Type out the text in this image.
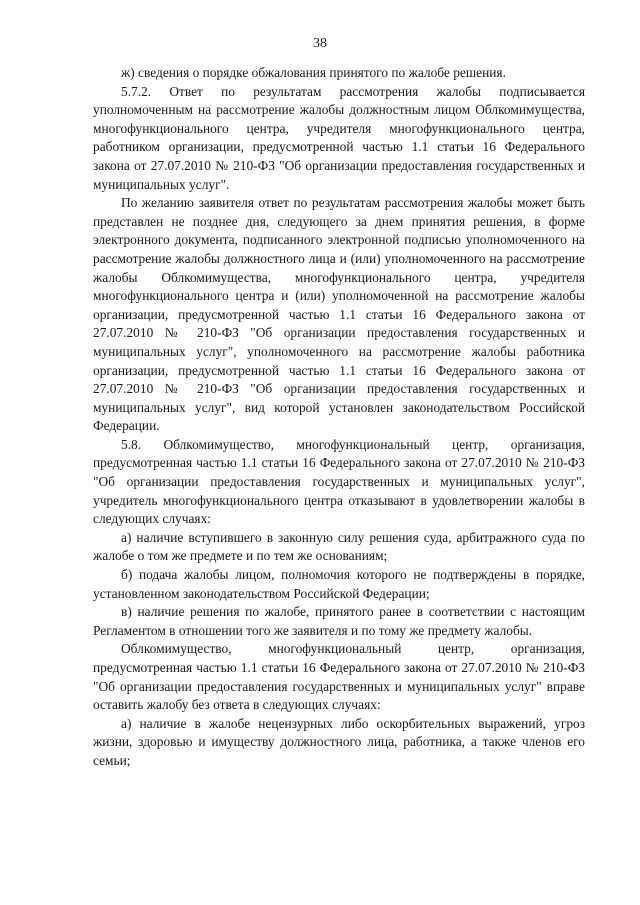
38

ж) сведения о порядке обжалования принятого по жалобе решения.

5.7.2. Ответ по результатам рассмотрения жалобы подписывается уполномоченным на рассмотрение жалобы должностным лицом Облкомимущества, многофункционального центра, учредителя многофункционального центра, работником организации, предусмотренной частью 1.1 статьи 16 Федерального закона от 27.07.2010 № 210-ФЗ "Об организации предоставления государственных и муниципальных услуг".

По желанию заявителя ответ по результатам рассмотрения жалобы может быть представлен не позднее дня, следующего за днем принятия решения, в форме электронного документа, подписанного электронной подписью уполномоченного на рассмотрение жалобы должностного лица и (или) уполномоченного на рассмотрение жалобы Облкомимущества, многофункционального центра, учредителя многофункционального центра и (или) уполномоченной на рассмотрение жалобы организации, предусмотренной частью 1.1 статьи 16 Федерального закона от 27.07.2010 № 210-ФЗ "Об организации предоставления государственных и муниципальных услуг", уполномоченного на рассмотрение жалобы работника организации, предусмотренной частью 1.1 статьи 16 Федерального закона от 27.07.2010 № 210-ФЗ "Об организации предоставления государственных и муниципальных услуг", вид которой установлен законодательством Российской Федерации.

5.8. Облкомимущество, многофункциональный центр, организация, предусмотренная частью 1.1 статьи 16 Федерального закона от 27.07.2010 № 210-ФЗ "Об организации предоставления государственных и муниципальных услуг", учредитель многофункционального центра отказывают в удовлетворении жалобы в следующих случаях:

а) наличие вступившего в законную силу решения суда, арбитражного суда по жалобе о том же предмете и по тем же основаниям;

б) подача жалобы лицом, полномочия которого не подтверждены в порядке, установленном законодательством Российской Федерации;

в) наличие решения по жалобе, принятого ранее в соответствии с настоящим Регламентом в отношении того же заявителя и по тому же предмету жалобы.

Облкомимущество, многофункциональный центр, организация, предусмотренная частью 1.1 статьи 16 Федерального закона от 27.07.2010 № 210-ФЗ "Об организации предоставления государственных и муниципальных услуг" вправе оставить жалобу без ответа в следующих случаях:

а) наличие в жалобе нецензурных либо оскорбительных выражений, угроз жизни, здоровью и имуществу должностного лица, работника, а также членов его семьи;
